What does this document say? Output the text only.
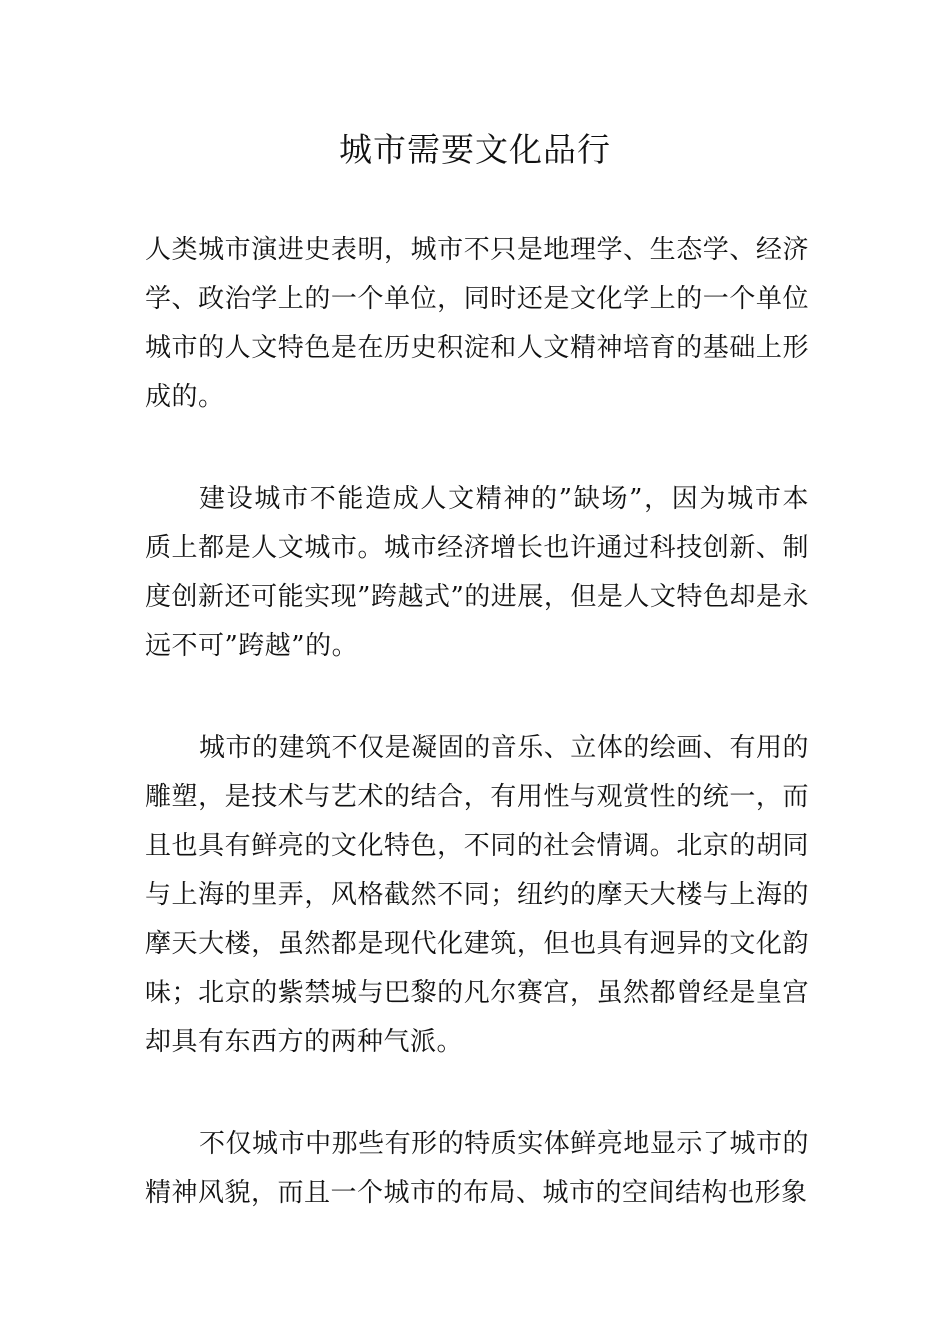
城市需要文化品行

人类城市演进史表明，城市不只是地理学、生态学、经济学、政治学上的一个单位，同时还是文化学上的一个单位城市的人文特色是在历史积淀和人文精神培育的基础上形成的。

建设城市不能造成人文精神的”缺场”，因为城市本质上都是人文城市。城市经济增长也许通过科技创新、制度创新还可能实现”跨越式”的进展，但是人文特色却是永远不可”跨越”的。

城市的建筑不仅是凝固的音乐、立体的绘画、有用的雕塑，是技术与艺术的结合，有用性与观赏性的统一，而且也具有鲜亮的文化特色，不同的社会情调。北京的胡同与上海的里弄，风格截然不同；纽约的摩天大楼与上海的摩天大楼，虽然都是现代化建筑，但也具有迥异的文化韵味；北京的紫禁城与巴黎的凡尔赛宫，虽然都曾经是皇宫却具有东西方的两种气派。

不仅城市中那些有形的特质实体鲜亮地显示了城市的精神风貌，而且一个城市的布局、城市的空间结构也形象
